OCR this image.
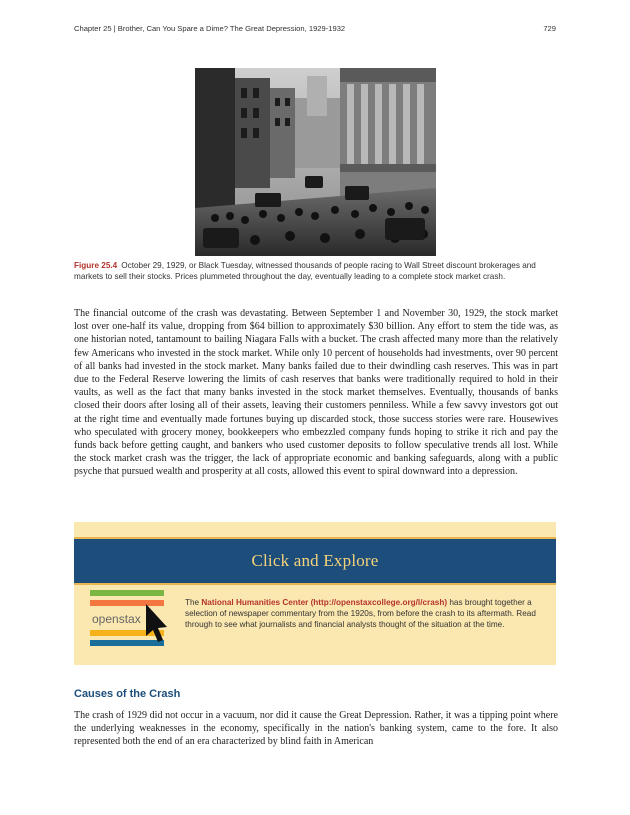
Chapter 25 | Brother, Can You Spare a Dime? The Great Depression, 1929-1932	729
Figure 25.4 October 29, 1929, or Black Tuesday, witnessed thousands of people racing to Wall Street discount brokerages and markets to sell their stocks. Prices plummeted throughout the day, eventually leading to a complete stock market crash.

The financial outcome of the crash was devastating. Between September 1 and November 30, 1929, the stock market lost over one-half its value, dropping from $64 billion to approximately $30 billion. Any effort to stem the tide was, as one historian noted, tantamount to bailing Niagara Falls with a bucket. The crash affected many more than the relatively few Americans who invested in the stock market. While only 10 percent of households had investments, over 90 percent of all banks had invested in the stock market. Many banks failed due to their dwindling cash reserves. This was in part due to the Federal Reserve lowering the limits of cash reserves that banks were traditionally required to hold in their vaults, as well as the fact that many banks invested in the stock market themselves. Eventually, thousands of banks closed their doors after losing all of their assets, leaving their customers penniless. While a few savvy investors got out at the right time and eventually made fortunes buying up discarded stock, those success stories were rare. Housewives who speculated with grocery money, bookkeepers who embezzled company funds hoping to strike it rich and pay the funds back before getting caught, and bankers who used customer deposits to follow speculative trends all lost. While the stock market crash was the trigger, the lack of appropriate economic and banking safeguards, along with a public psyche that pursued wealth and prosperity at all costs, allowed this event to spiral downward into a depression.

Click and Explore
openstax
The National Humanities Center (http://openstaxcollege.org/l/crash) has brought together a selection of newspaper commentary from the 1920s, from before the crash to its aftermath. Read through to see what journalists and financial analysts thought of the situation at the time.
Causes of the Crash

The crash of 1929 did not occur in a vacuum, nor did it cause the Great Depression. Rather, it was a tipping point where the underlying weaknesses in the economy, specifically in the nation's banking system, came to the fore. It also represented both the end of an era characterized by blind faith in American
